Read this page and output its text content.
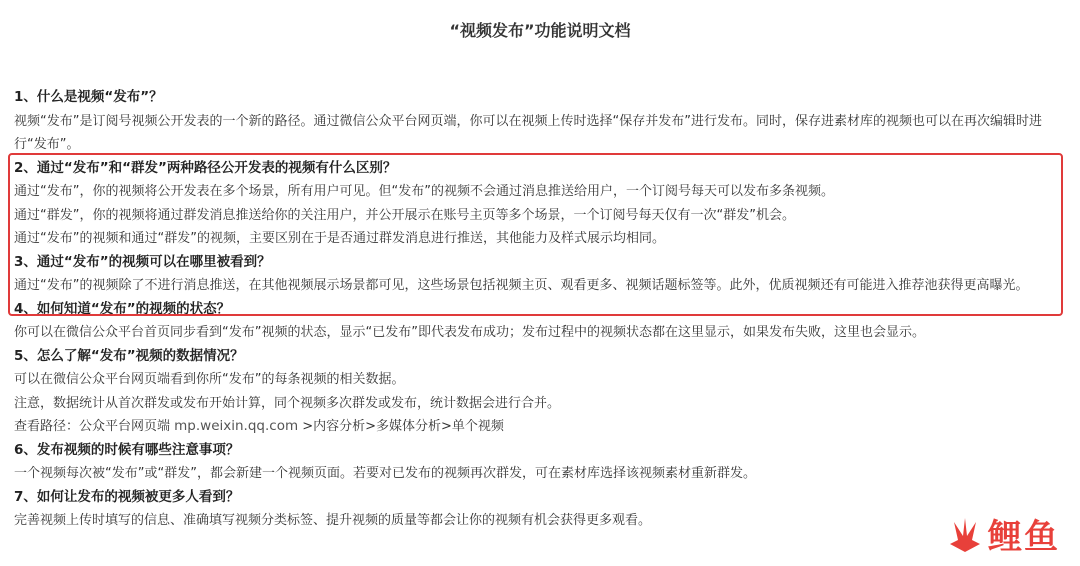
“视频发布”功能说明文档
1、什么是视频“发布”？
视频“发布”是订阅号视频公开发表的一个新的路径。通过微信公众平台网页端，你可以在视频上传时选择“保存并发布”进行发布。同时，保存进素材库的视频也可以在再次编辑时进行“发布”。
2、通过“发布”和“群发”两种路径公开发表的视频有什么区别？
通过“发布”，你的视频将公开发表在多个场景，所有用户可见。但“发布”的视频不会通过消息推送给用户，一个订阅号每天可以发布多条视频。
通过“群发”，你的视频将通过群发消息推送给你的关注用户，并公开展示在账号主页等多个场景，一个订阅号每天仅有一次“群发”机会。
通过“发布”的视频和通过“群发”的视频，主要区别在于是否通过群发消息进行推送，其他能力及样式展示均相同。
3、通过“发布”的视频可以在哪里被看到？
通过“发布”的视频除了不进行消息推送，在其他视频展示场景都可见，这些场景包括视频主页、观看更多、视频话题标签等。此外，优质视频还有可能进入推荐池获得更高曝光。
4、如何知道“发布”的视频的状态？
你可以在微信公众平台首页同步看到“发布”视频的状态，显示“已发布”即代表发布成功；发布过程中的视频状态都在这里显示，如果发布失败，这里也会显示。
5、怎么了解“发布”视频的数据情况？
可以在微信公众平台网页端看到你所“发布”的每条视频的相关数据。
注意，数据统计从首次群发或发布开始计算，同个视频多次群发或发布，统计数据会进行合并。
查看路径：公众平台网页端 mp.weixin.qq.com >内容分析>多媒体分析>单个视频
6、发布视频的时候有哪些注意事项？
一个视频每次被“发布”或“群发”，都会新建一个视频页面。若要对已发布的视频再次群发，可在素材库选择该视频素材重新群发。
7、如何让发布的视频被更多人看到？
完善视频上传时填写的信息、准确填写视频分类标签、提升视频的质量等都会让你的视频有机会获得更多观看。	鲤鱼
